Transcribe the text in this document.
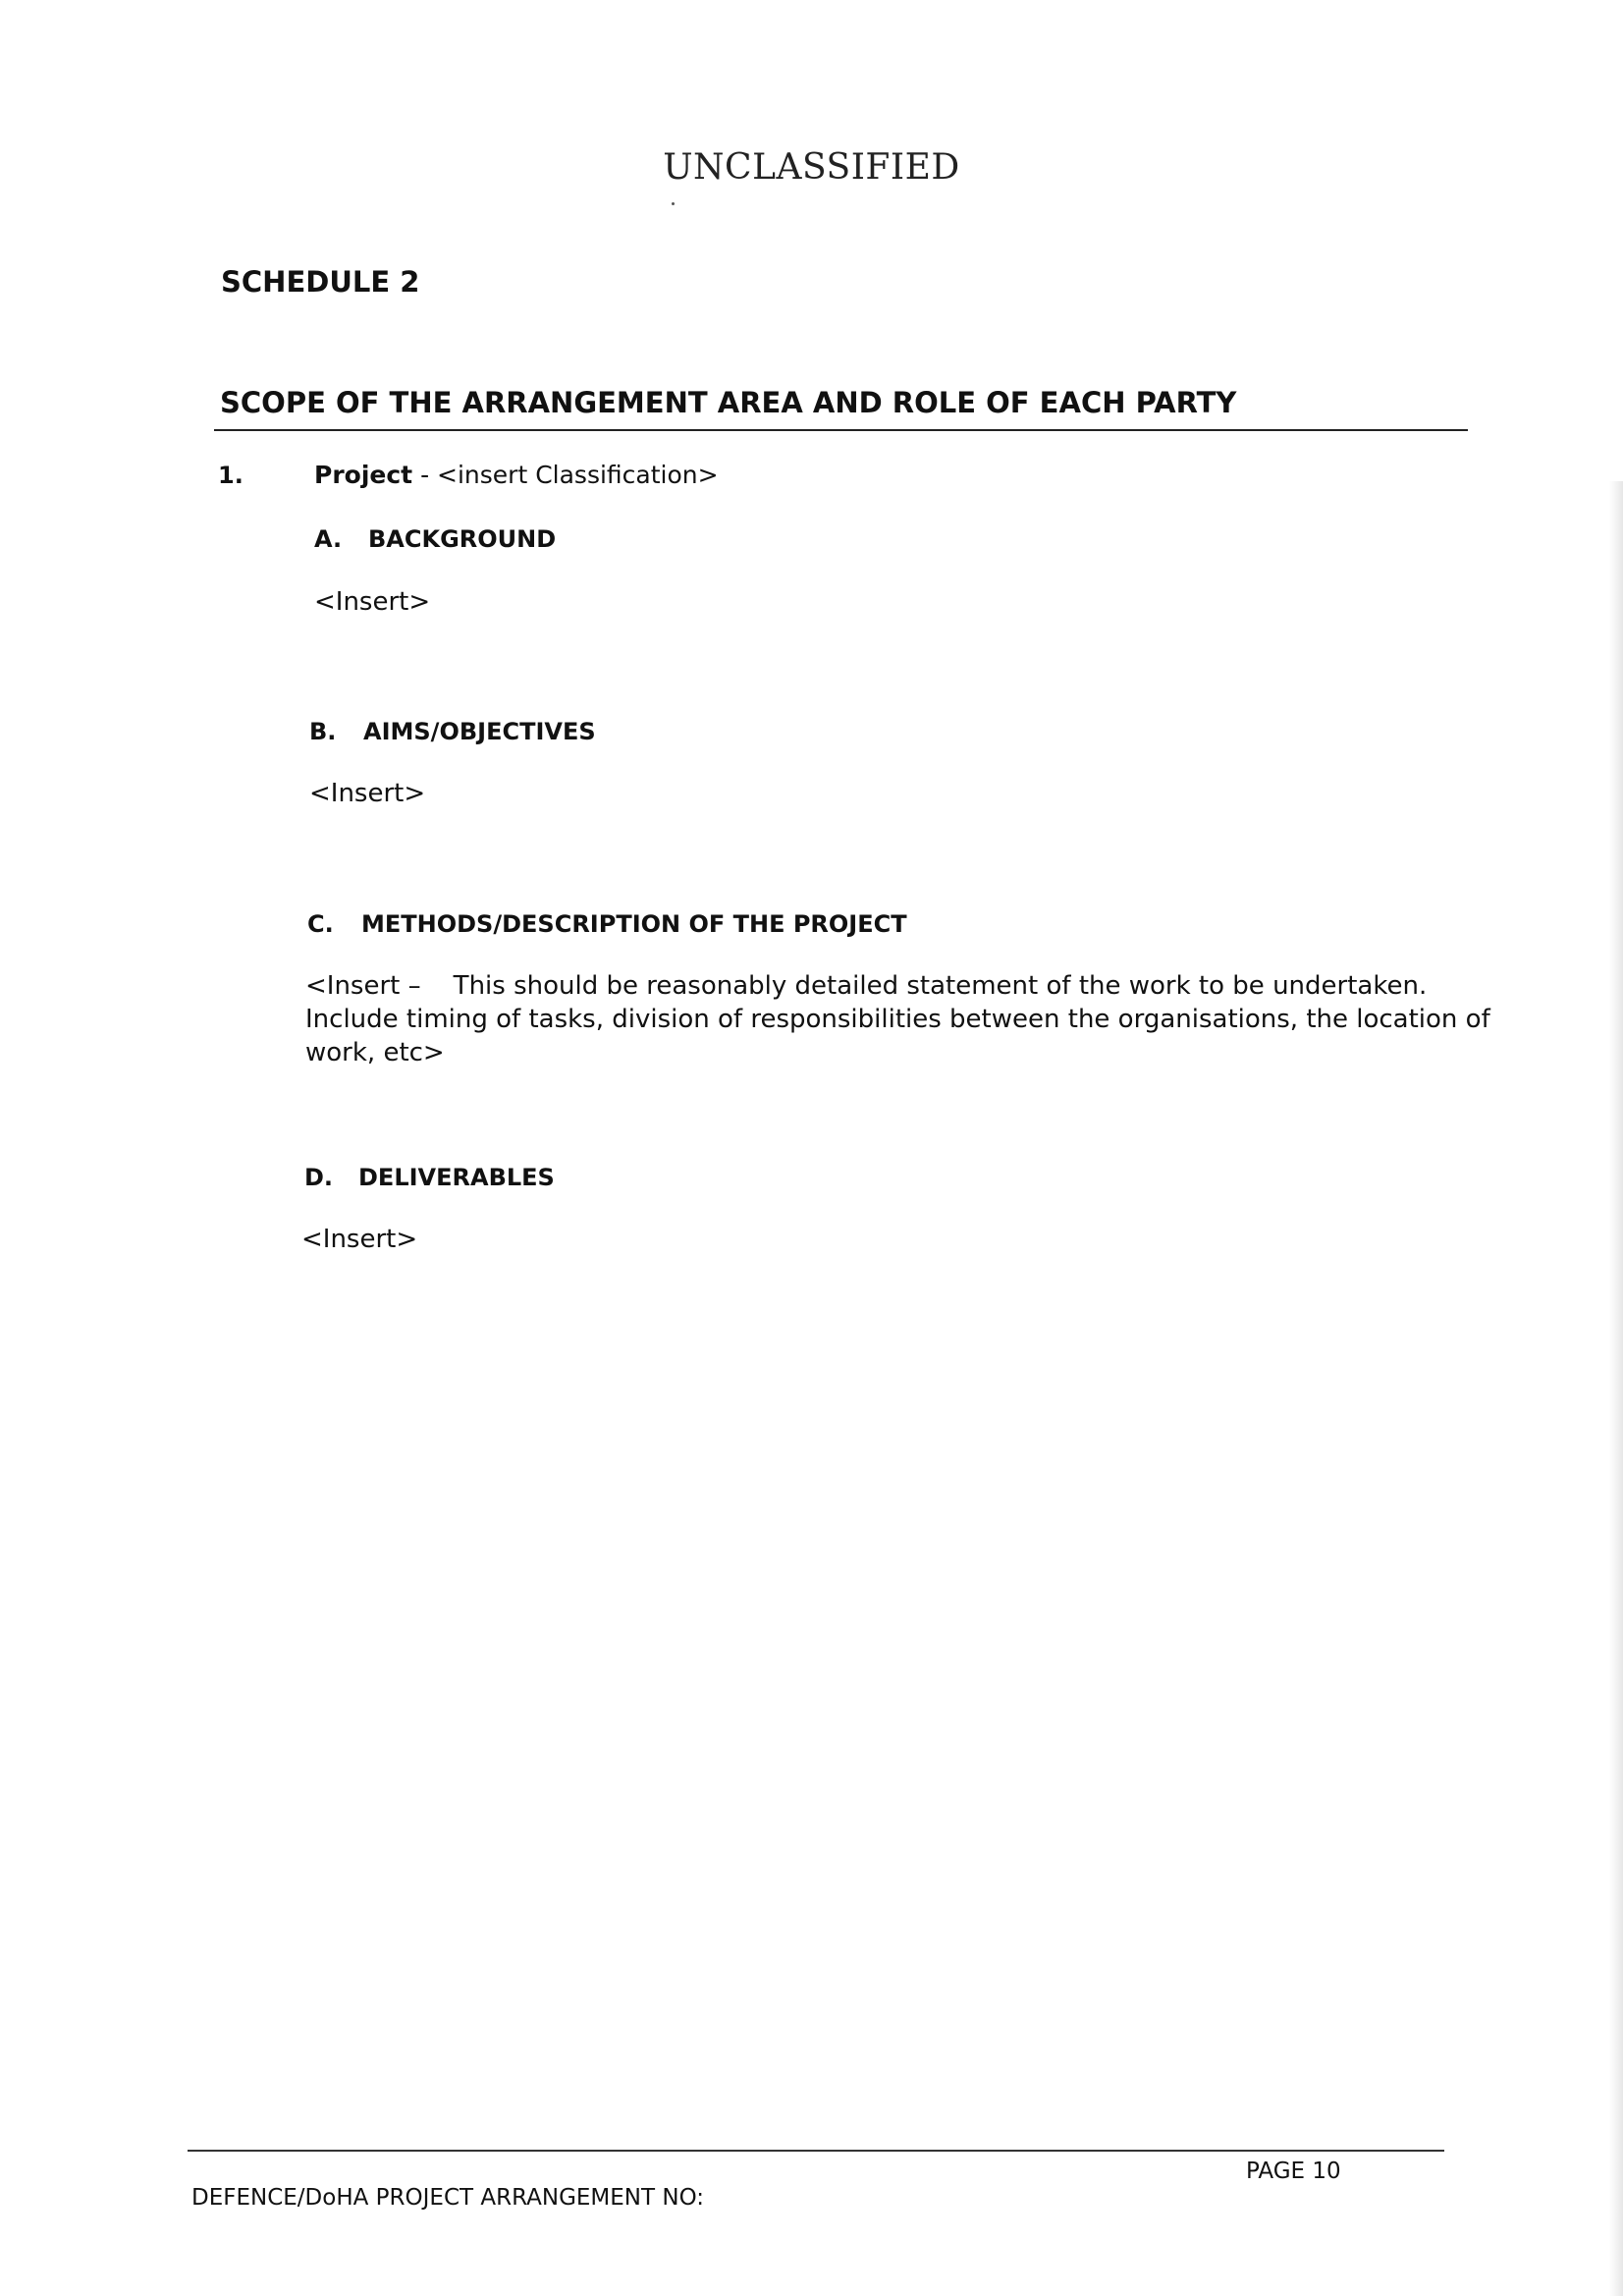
UNCLASSIFIED
SCHEDULE 2
SCOPE OF THE ARRANGEMENT AREA AND ROLE OF EACH PARTY
1.	Project - <insert Classification>
A. BACKGROUND
<Insert>
B. AIMS/OBJECTIVES
<Insert>
C. METHODS/DESCRIPTION OF THE PROJECT
<Insert –    This should be reasonably detailed statement of the work to be undertaken.
Include timing of tasks, division of responsibilities between the organisations, the location of
work, etc>
D. DELIVERABLES
<Insert>
PAGE 10
DEFENCE/DoHA PROJECT ARRANGEMENT NO:
